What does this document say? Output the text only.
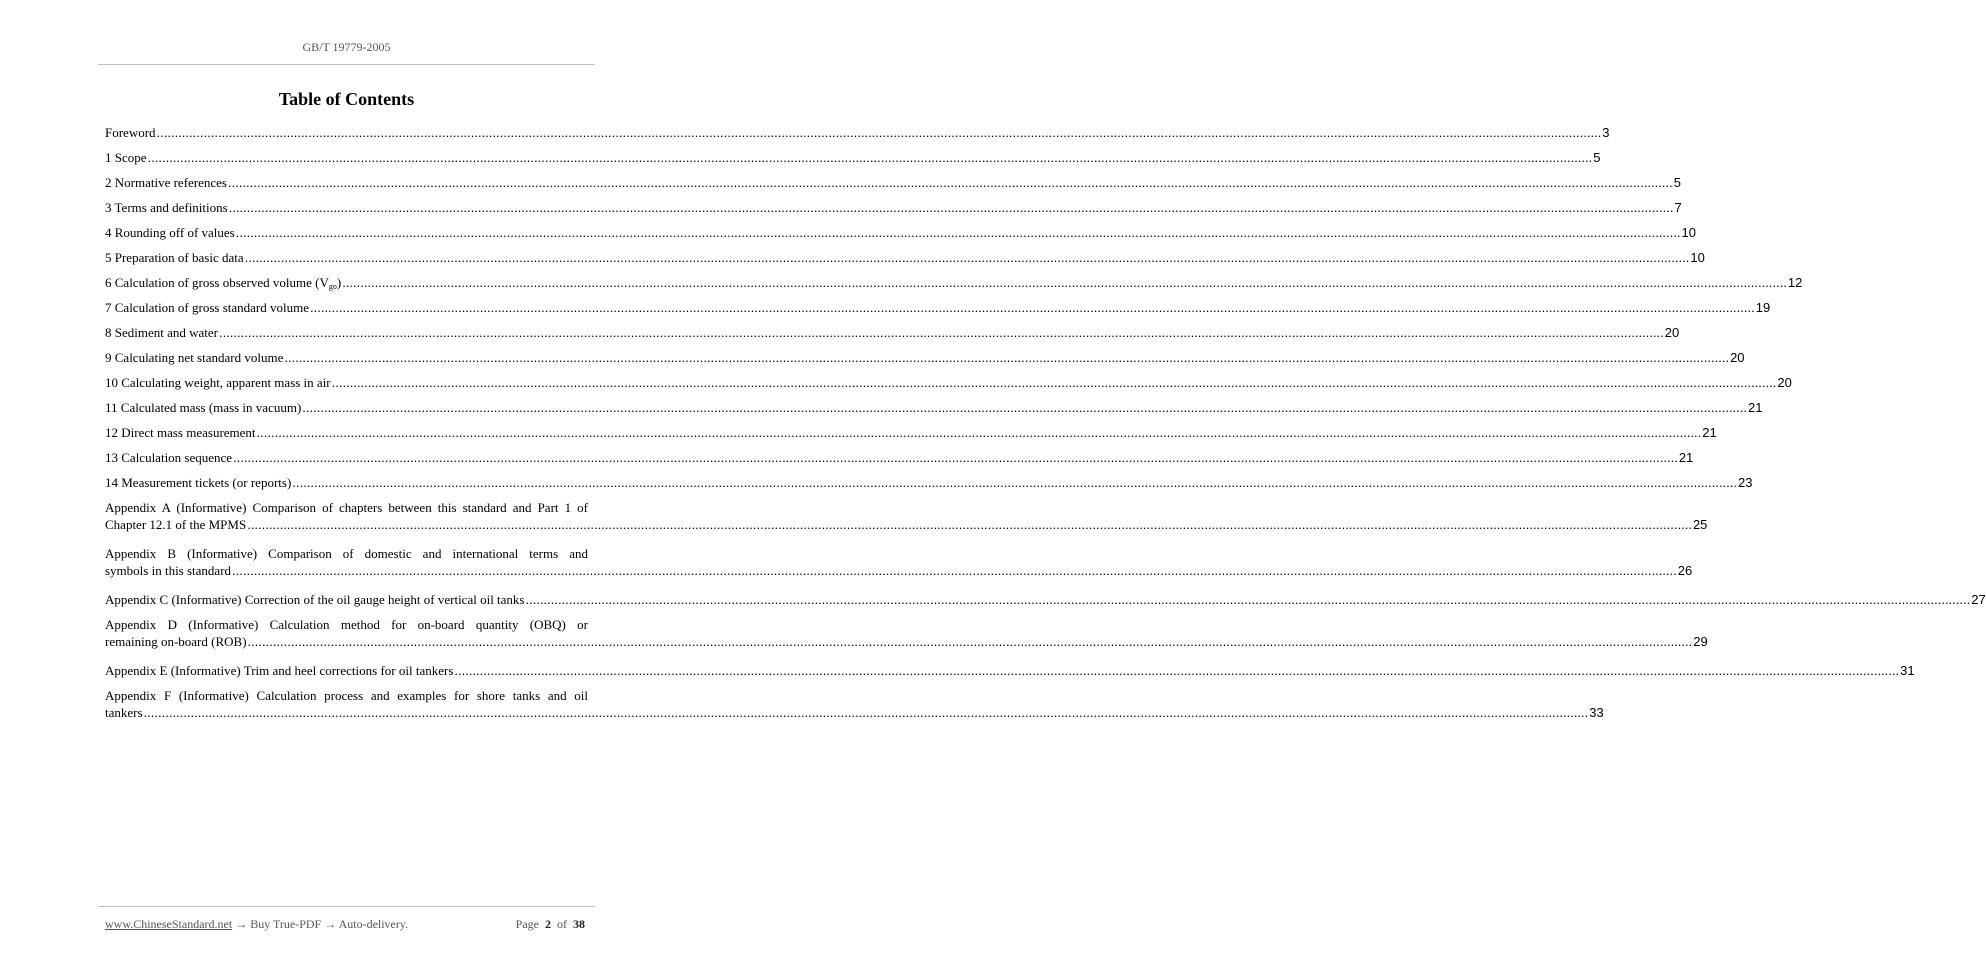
GB/T 19779-2005
Table of Contents
Foreword ................................................................................................................................................................................................................................................................................................................................................................................................................ 3
1 Scope ................................................................................................................................................................................................................................................................................................................................................................................................................ 5
2 Normative references ................................................................................................................................................................................................................................................................................................................................................................................................................ 5
3 Terms and definitions ................................................................................................................................................................................................................................................................................................................................................................................................................ 7
4 Rounding off of values ................................................................................................................................................................................................................................................................................................................................................................................................................ 10
5 Preparation of basic data ................................................................................................................................................................................................................................................................................................................................................................................................................ 10
6 Calculation of gross observed volume $(V_{go})$ ................................................................................................................................................................................................................................................................................................................................................................................................................ 12
7 Calculation of gross standard volume ................................................................................................................................................................................................................................................................................................................................................................................................................ 19
8 Sediment and water ................................................................................................................................................................................................................................................................................................................................................................................................................ 20
9 Calculating net standard volume ................................................................................................................................................................................................................................................................................................................................................................................................................ 20
10 Calculating weight, apparent mass in air ................................................................................................................................................................................................................................................................................................................................................................................................................ 20
11 Calculated mass (mass in vacuum) ................................................................................................................................................................................................................................................................................................................................................................................................................ 21
12 Direct mass measurement ................................................................................................................................................................................................................................................................................................................................................................................................................ 21
13 Calculation sequence ................................................................................................................................................................................................................................................................................................................................................................................................................ 21
14 Measurement tickets (or reports) ................................................................................................................................................................................................................................................................................................................................................................................................................ 23
Appendix A (Informative) Comparison of chapters between this standard and Part 1 of
Chapter 12.1 of the MPMS ................................................................................................................................................................................................................................................................................................................................................................................................................ 25
Appendix B (Informative) Comparison of domestic and international terms and
symbols in this standard ................................................................................................................................................................................................................................................................................................................................................................................................................ 26
Appendix C (Informative) Correction of the oil gauge height of vertical oil tanks ................................................................................................................................................................................................................................................................................................................................................................................................................ 27
Appendix D (Informative) Calculation method for on-board quantity (OBQ) or
remaining on-board (ROB) ................................................................................................................................................................................................................................................................................................................................................................................................................ 29
Appendix E (Informative) Trim and heel corrections for oil tankers ................................................................................................................................................................................................................................................................................................................................................................................................................ 31
Appendix F (Informative) Calculation process and examples for shore tanks and oil
tankers ................................................................................................................................................................................................................................................................................................................................................................................................................ 33
www.ChineseStandard.net → Buy True-PDF → Auto-delivery.	Page 2 of 38
